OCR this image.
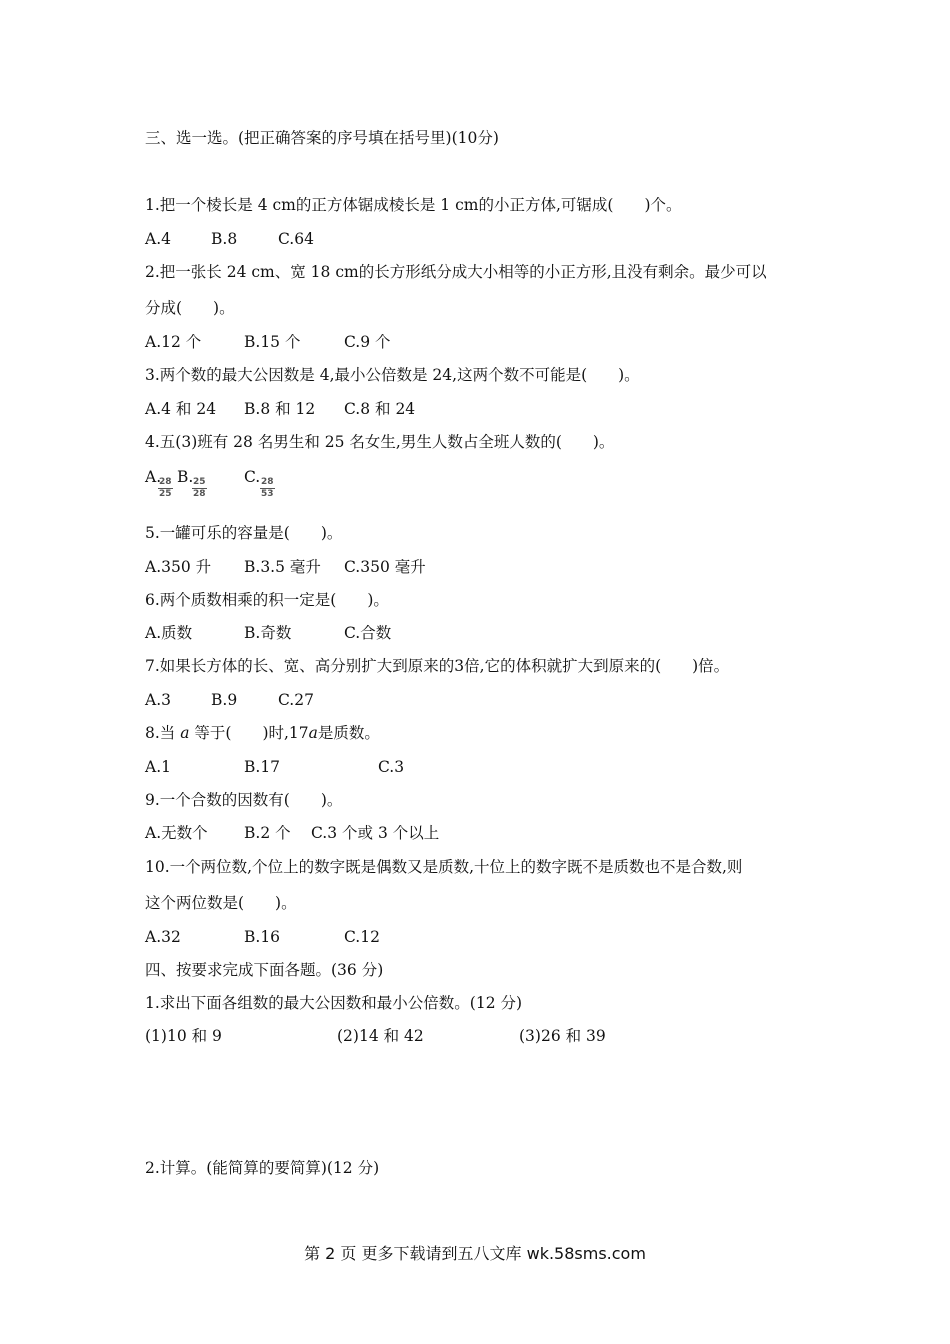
三、选一选。(把正确答案的序号填在括号里)(10分)
1.把一个棱长是 4 cm的正方体锯成棱长是 1 cm的小正方体,可锯成(　　)个。
A.4	B.8	C.64
2.把一张长 24 cm、宽 18 cm的长方形纸分成大小相等的小正方形,且没有剩余。最少可以
分成(　　)。
A.12 个	B.15 个	C.9 个
3.两个数的最大公因数是 4,最小公倍数是 24,这两个数不可能是(　　)。
A.4 和 24 B.8 和 12 C.8 和 24
4.五(3)班有 28 名男生和 25 名女生,男生人数占全班人数的(　　)。
A.
$\frac{28}{25}$
B.
$\frac{25}{28}$
C.
$\frac{28}{53}$
5.一罐可乐的容量是(　　)。
A.350 升 B.3.5 毫升 C.350 毫升
6.两个质数相乘的积一定是(　　)。
A.质数	B.奇数	C.合数
7.如果长方体的长、宽、高分别扩大到原来的3倍,它的体积就扩大到原来的(　　)倍。
A.3	B.9	C.27
8.当 a 等于(　　)时,17a是质数。
A.1	B.17	C.3
9.一个合数的因数有(　　)。
A.无数个 B.2 个 C.3 个或 3 个以上
10.一个两位数,个位上的数字既是偶数又是质数,十位上的数字既不是质数也不是合数,则
这个两位数是(　　)。
A.32	B.16	C.12
四、按要求完成下面各题。(36 分)
1.求出下面各组数的最大公因数和最小公倍数。(12 分)
(1)10 和 9	(2)14 和 42	(3)26 和 39
2.计算。(能简算的要简算)(12 分)
第 2 页 更多下载请到五八文库 wk.58sms.com
